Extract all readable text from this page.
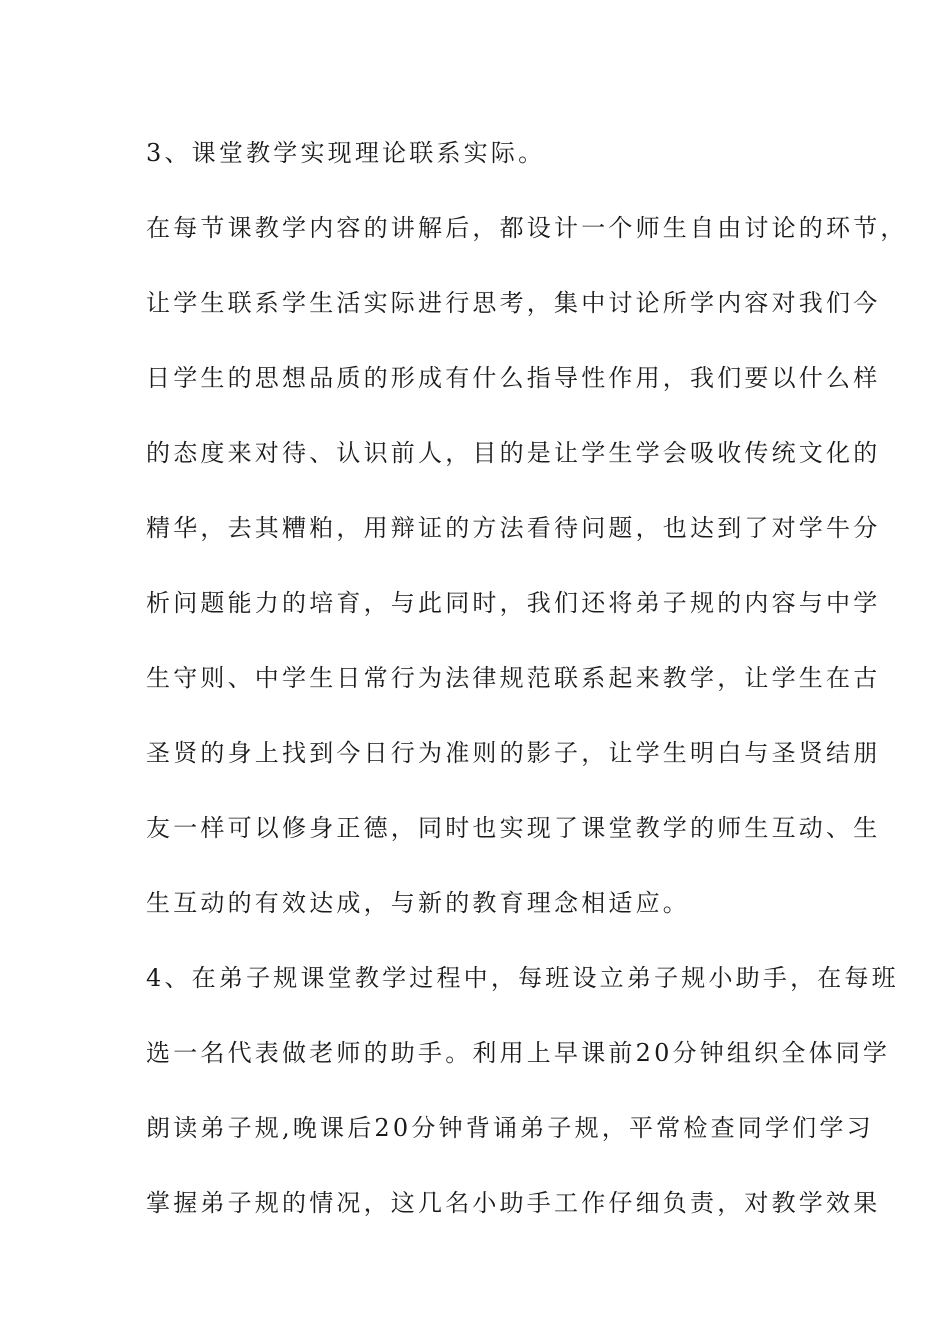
3、课堂教学实现理论联系实际。
在每节课教学内容的讲解后，都设计一个师生自由讨论的环节，
让学生联系学生活实际进行思考，集中讨论所学内容对我们今
日学生的思想品质的形成有什么指导性作用，我们要以什么样
的态度来对待、认识前人，目的是让学生学会吸收传统文化的
精华，去其糟粕，用辩证的方法看待问题，也达到了对学牛分
析问题能力的培育，与此同时，我们还将弟子规的内容与中学
生守则、中学生日常行为法律规范联系起来教学，让学生在古
圣贤的身上找到今日行为准则的影子，让学生明白与圣贤结朋
友一样可以修身正德，同时也实现了课堂教学的师生互动、生
生互动的有效达成，与新的教育理念相适应。
4、在弟子规课堂教学过程中，每班设立弟子规小助手，在每班
选一名代表做老师的助手。利用上早课前20分钟组织全体同学
朗读弟子规,晚课后20分钟背诵弟子规，平常检查同学们学习
掌握弟子规的情况，这几名小助手工作仔细负责，对教学效果
